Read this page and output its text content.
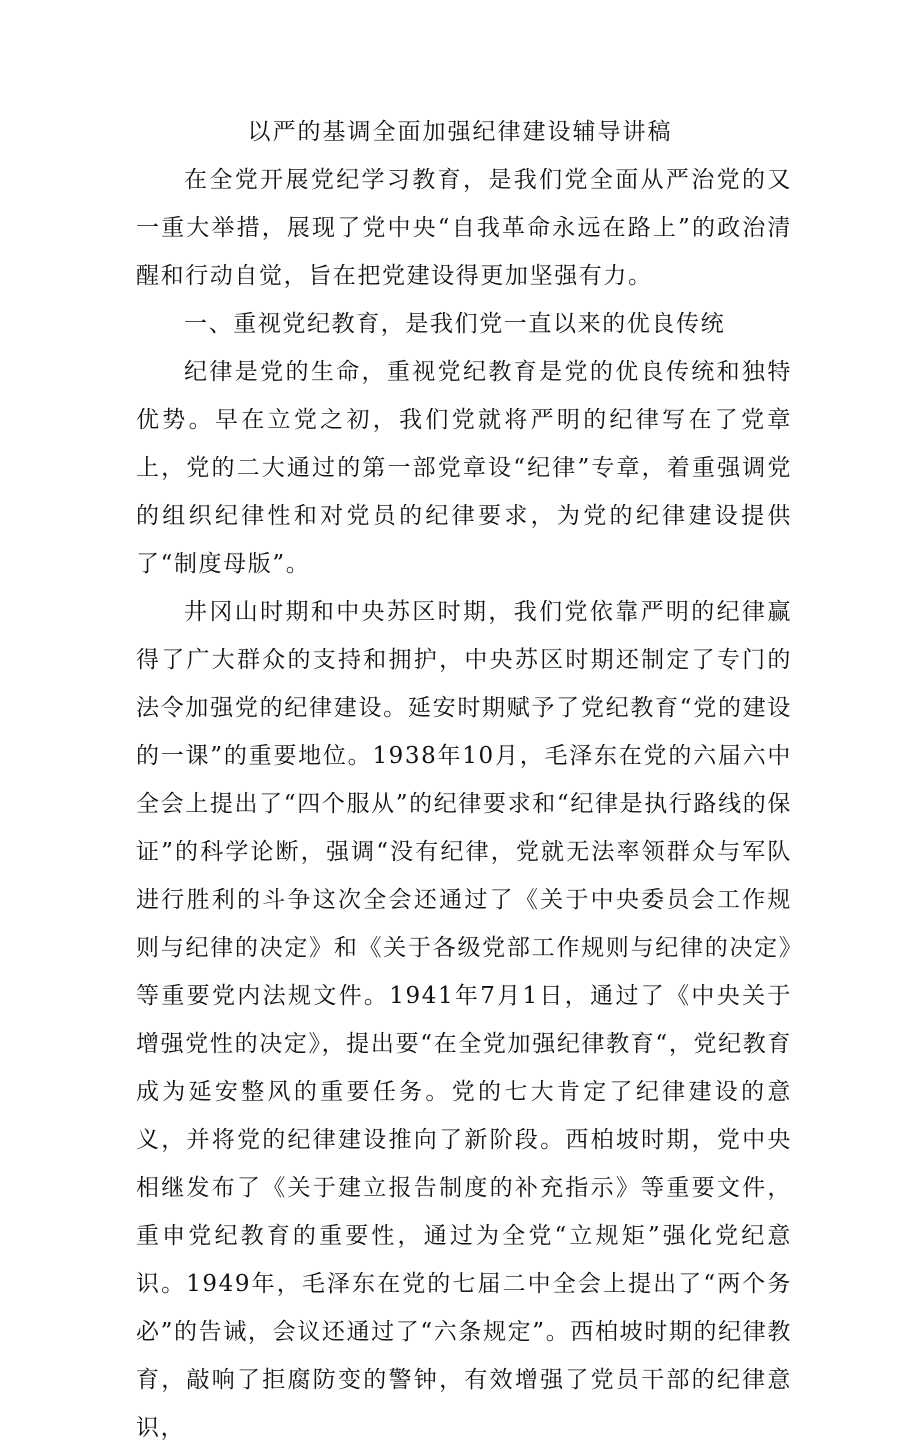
以严的基调全面加强纪律建设辅导讲稿

在全党开展党纪学习教育，是我们党全面从严治党的又一重大举措，展现了党中央“自我革命永远在路上”的政治清醒和行动自觉，旨在把党建设得更加坚强有力。

一、重视党纪教育，是我们党一直以来的优良传统

纪律是党的生命，重视党纪教育是党的优良传统和独特优势。早在立党之初，我们党就将严明的纪律写在了党章上，党的二大通过的第一部党章设“纪律”专章，着重强调党的组织纪律性和对党员的纪律要求，为党的纪律建设提供了“制度母版”。

井冈山时期和中央苏区时期，我们党依靠严明的纪律赢得了广大群众的支持和拥护，中央苏区时期还制定了专门的法令加强党的纪律建设。延安时期赋予了党纪教育“党的建设的一课”的重要地位。1938年10月，毛泽东在党的六届六中全会上提出了“四个服从”的纪律要求和“纪律是执行路线的保证”的科学论断，强调“没有纪律，党就无法率领群众与军队进行胜利的斗争这次全会还通过了《关于中央委员会工作规则与纪律的决定》和《关于各级党部工作规则与纪律的决定》等重要党内法规文件。1941年7月1日，通过了《中央关于增强党性的决定》，提出要“在全党加强纪律教育“，党纪教育成为延安整风的重要任务。党的七大肯定了纪律建设的意义，并将党的纪律建设推向了新阶段。西柏坡时期，党中央相继发布了《关于建立报告制度的补充指示》等重要文件，重申党纪教育的重要性，通过为全党“立规矩”强化党纪意识。1949年，毛泽东在党的七届二中全会上提出了“两个务必”的告诫，会议还通过了“六条规定”。西柏坡时期的纪律教育，敲响了拒腐防变的警钟，有效增强了党员干部的纪律意识，
